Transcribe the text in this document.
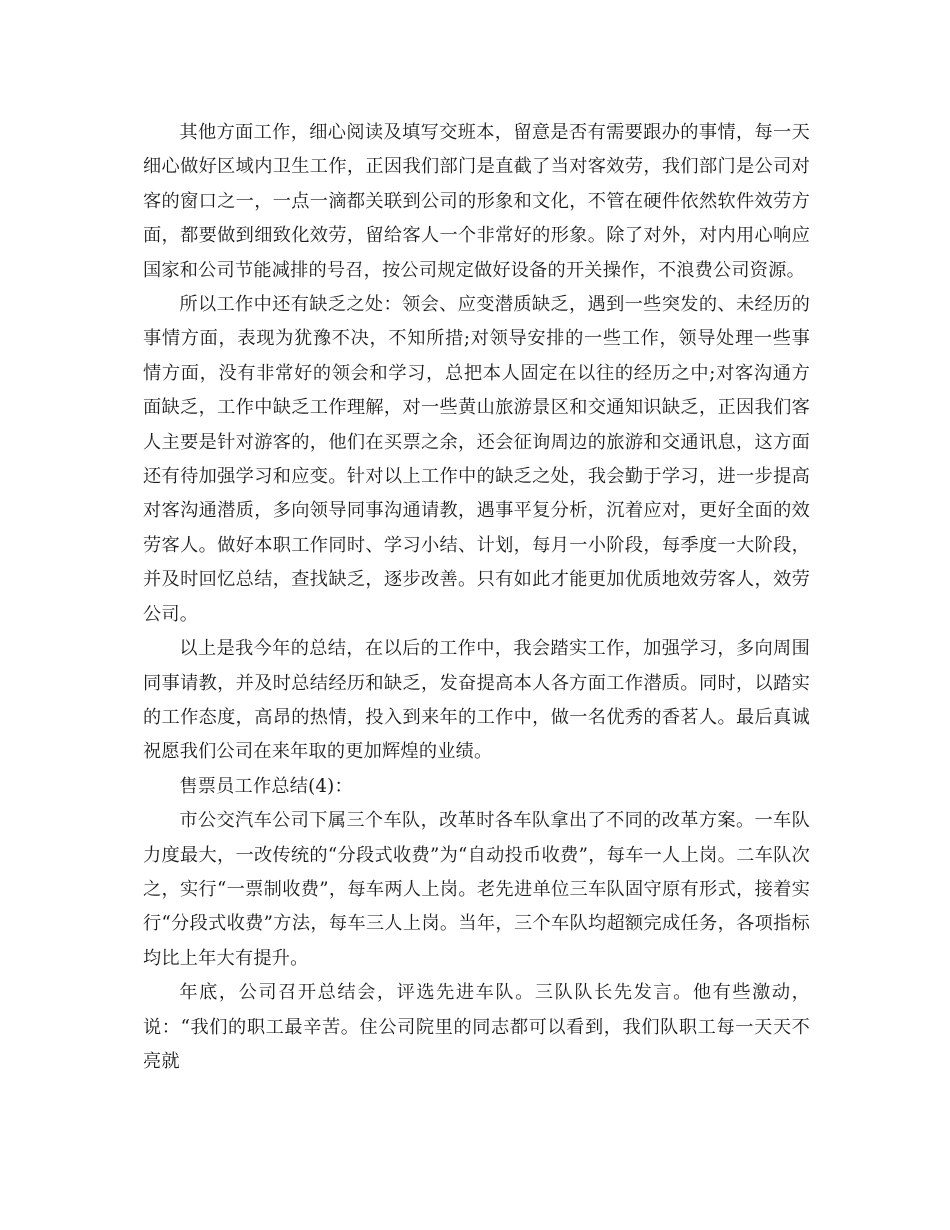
其他方面工作，细心阅读及填写交班本，留意是否有需要跟办的事情，每一天细心做好区域内卫生工作，正因我们部门是直截了当对客效劳，我们部门是公司对客的窗口之一，一点一滴都关联到公司的形象和文化，不管在硬件依然软件效劳方面，都要做到细致化效劳，留给客人一个非常好的形象。除了对外，对内用心响应国家和公司节能减排的号召，按公司规定做好设备的开关操作，不浪费公司资源。

所以工作中还有缺乏之处：领会、应变潜质缺乏，遇到一些突发的、未经历的事情方面，表现为犹豫不决，不知所措;对领导安排的一些工作，领导处理一些事情方面，没有非常好的领会和学习，总把本人固定在以往的经历之中;对客沟通方面缺乏，工作中缺乏工作理解，对一些黄山旅游景区和交通知识缺乏，正因我们客人主要是针对游客的，他们在买票之余，还会征询周边的旅游和交通讯息，这方面还有待加强学习和应变。针对以上工作中的缺乏之处，我会勤于学习，进一步提高对客沟通潜质，多向领导同事沟通请教，遇事平复分析，沉着应对，更好全面的效劳客人。做好本职工作同时、学习小结、计划，每月一小阶段，每季度一大阶段，并及时回忆总结，查找缺乏，逐步改善。只有如此才能更加优质地效劳客人，效劳公司。

以上是我今年的总结，在以后的工作中，我会踏实工作，加强学习，多向周围同事请教，并及时总结经历和缺乏，发奋提高本人各方面工作潜质。同时，以踏实的工作态度，高昂的热情，投入到来年的工作中，做一名优秀的香茗人。最后真诚祝愿我们公司在来年取的更加辉煌的业绩。

售票员工作总结(4)：

市公交汽车公司下属三个车队，改革时各车队拿出了不同的改革方案。一车队力度最大，一改传统的“分段式收费”为“自动投币收费”，每车一人上岗。二车队次之，实行“一票制收费”，每车两人上岗。老先进单位三车队固守原有形式，接着实行“分段式收费”方法，每车三人上岗。当年，三个车队均超额完成任务，各项指标均比上年大有提升。

年底，公司召开总结会，评选先进车队。三队队长先发言。他有些激动，说：“我们的职工最辛苦。住公司院里的同志都可以看到，我们队职工每一天天不亮就
